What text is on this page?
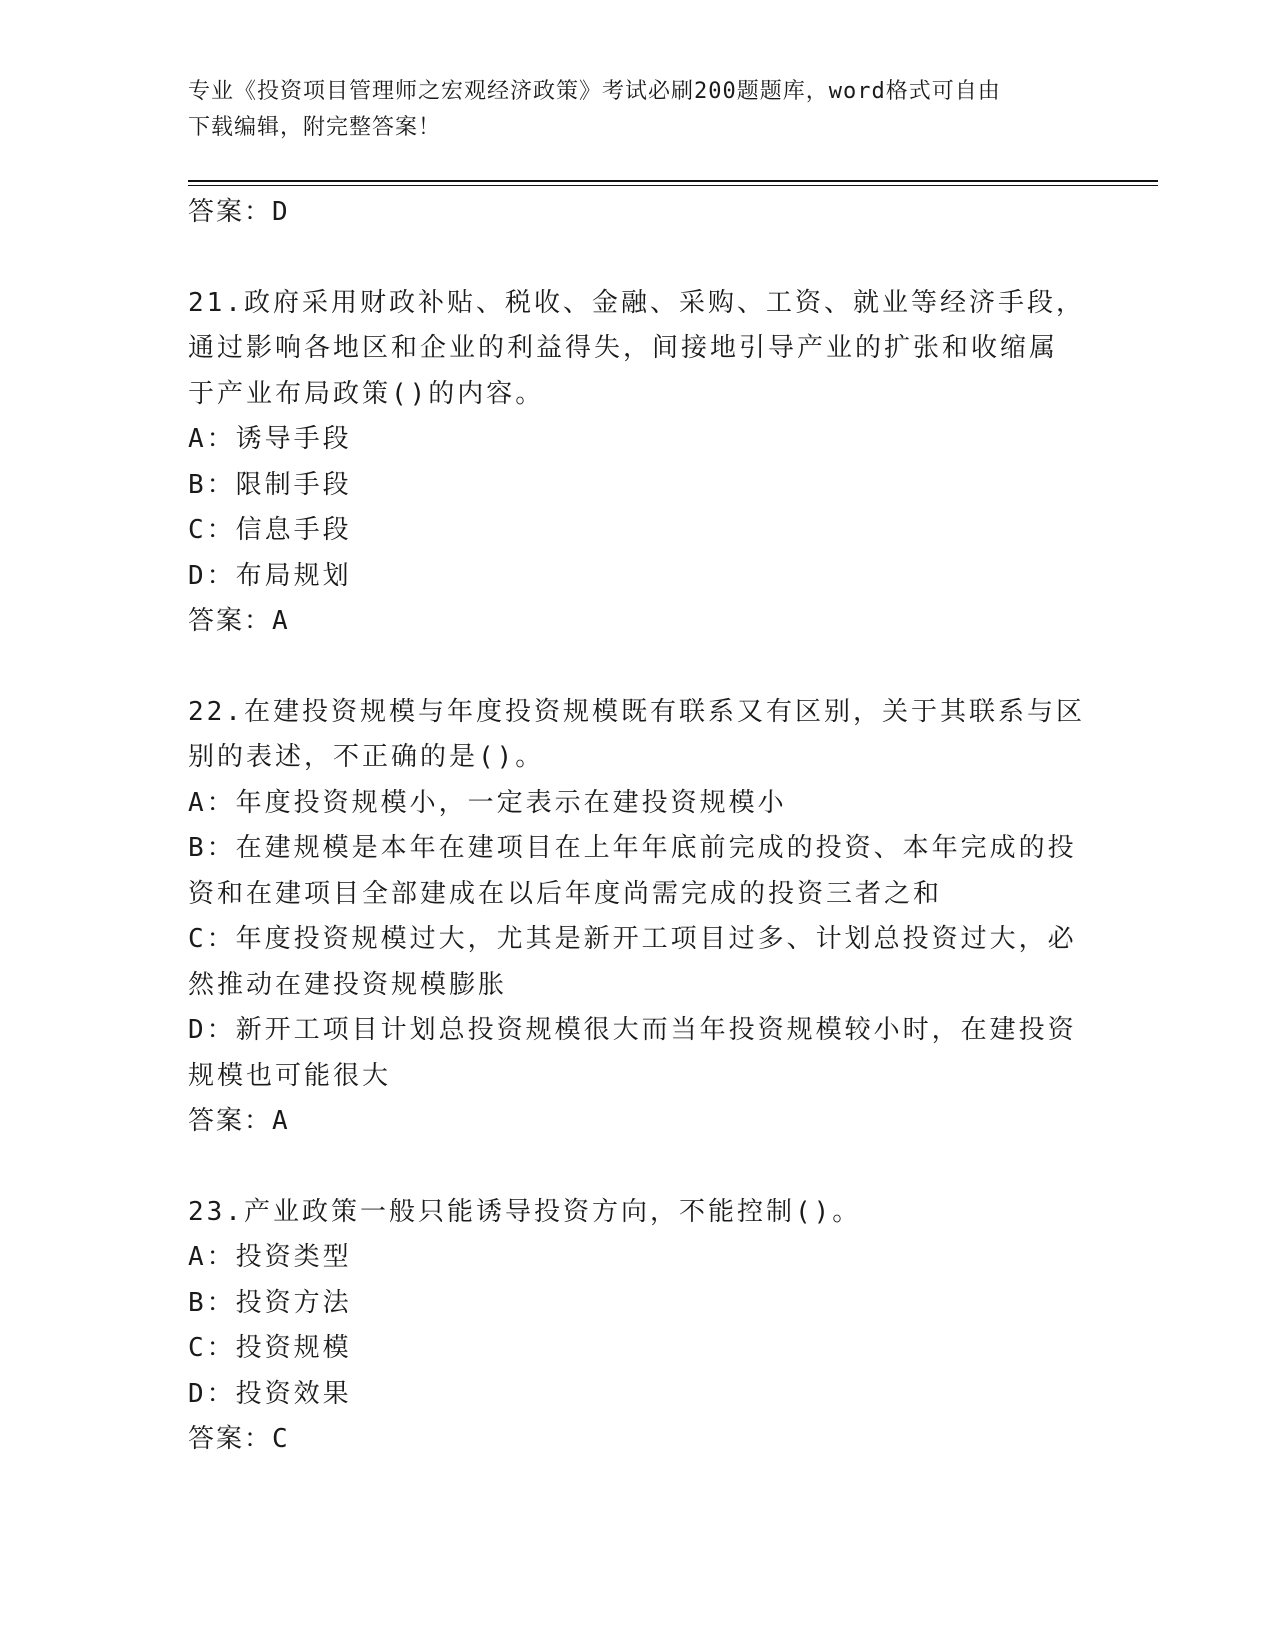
专业《投资项目管理师之宏观经济政策》考试必刷200题题库，word格式可自由
下载编辑，附完整答案！
答案：D
21.政府采用财政补贴、税收、金融、采购、工资、就业等经济手段，
通过影响各地区和企业的利益得失，间接地引导产业的扩张和收缩属
于产业布局政策()的内容。
A：诱导手段
B：限制手段
C：信息手段
D：布局规划
答案：A
22.在建投资规模与年度投资规模既有联系又有区别，关于其联系与区
别的表述，不正确的是()。
A：年度投资规模小，一定表示在建投资规模小
B：在建规模是本年在建项目在上年年底前完成的投资、本年完成的投
资和在建项目全部建成在以后年度尚需完成的投资三者之和
C：年度投资规模过大，尤其是新开工项目过多、计划总投资过大，必
然推动在建投资规模膨胀
D：新开工项目计划总投资规模很大而当年投资规模较小时，在建投资
规模也可能很大
答案：A
23.产业政策一般只能诱导投资方向，不能控制()。
A：投资类型
B：投资方法
C：投资规模
D：投资效果
答案：C
